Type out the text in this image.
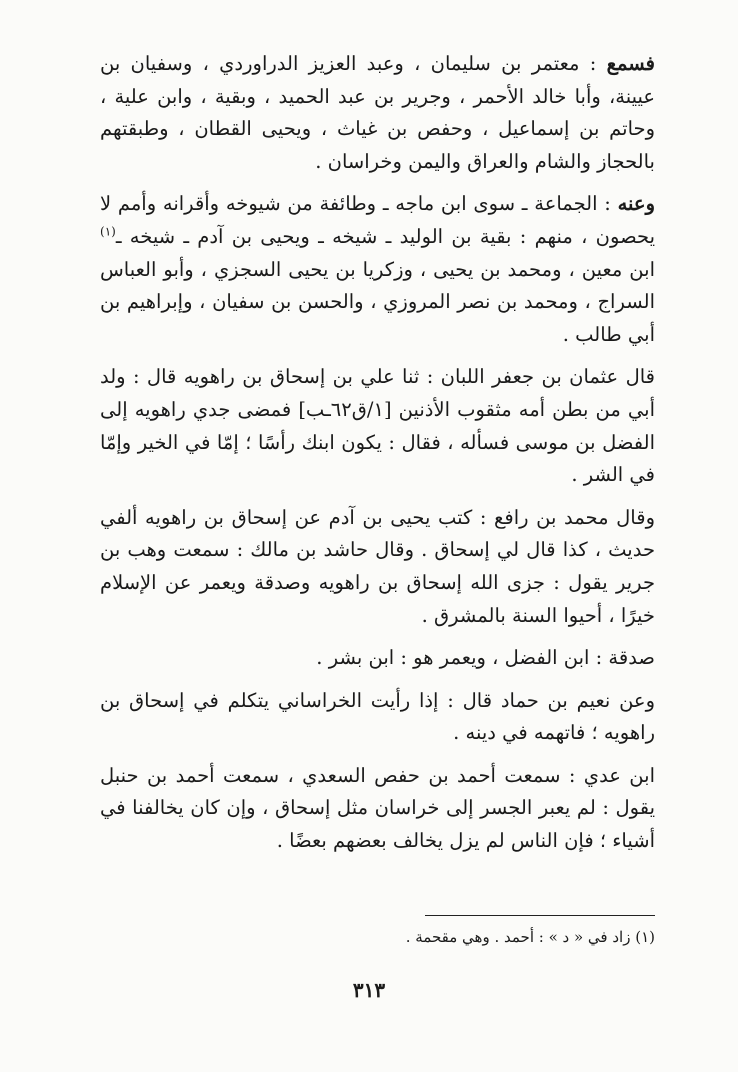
فسمع : معتمر بن سليمان ، وعبد العزيز الدراوردي ، وسفيان بن عيينة، وأبا خالد الأحمر ، وجرير بن عبد الحميد ، وبقية ، وابن علية ، وحاتم بن إسماعيل ، وحفص بن غياث ، ويحيى القطان ، وطبقتهم بالحجاز والشام والعراق واليمن وخراسان .

وعنه : الجماعة ـ سوى ابن ماجه ـ وطائفة من شيوخه وأقرانه وأمم لا يحصون ، منهم : بقية بن الوليد ـ شيخه ـ ويحيى بن آدم ـ شيخه ـ$^{(١)}$ ابن معين ، ومحمد بن يحيى ، وزكريا بن يحيى السجزي ، وأبو العباس السراج ، ومحمد بن نصر المروزي ، والحسن بن سفيان ، وإبراهيم بن أبي طالب .

قال عثمان بن جعفر اللبان : ثنا علي بن إسحاق بن راهويه قال : ولد أبي من بطن أمه مثقوب الأذنين [١/ق٦٢ـب] فمضى جدي راهويه إلى الفضل بن موسى فسأله ، فقال : يكون ابنك رأسًا ؛ إمّا في الخير وإمّا في الشر .

وقال محمد بن رافع : كتب يحيى بن آدم عن إسحاق بن راهويه ألفي حديث ، كذا قال لي إسحاق . وقال حاشد بن مالك : سمعت وهب بن جرير يقول : جزى الله إسحاق بن راهويه وصدقة ويعمر عن الإسلام خيرًا ، أحيوا السنة بالمشرق .

صدقة : ابن الفضل ، ويعمر هو : ابن بشر .

وعن نعيم بن حماد قال : إذا رأيت الخراساني يتكلم في إسحاق بن راهويه ؛ فاتهمه في دينه .

ابن عدي : سمعت أحمد بن حفص السعدي ، سمعت أحمد بن حنبل يقول : لم يعبر الجسر إلى خراسان مثل إسحاق ، وإن كان يخالفنا في أشياء ؛ فإن الناس لم يزل يخالف بعضهم بعضًا .

(١) زاد في « د » : أحمد . وهي مقحمة .
٣١٣
